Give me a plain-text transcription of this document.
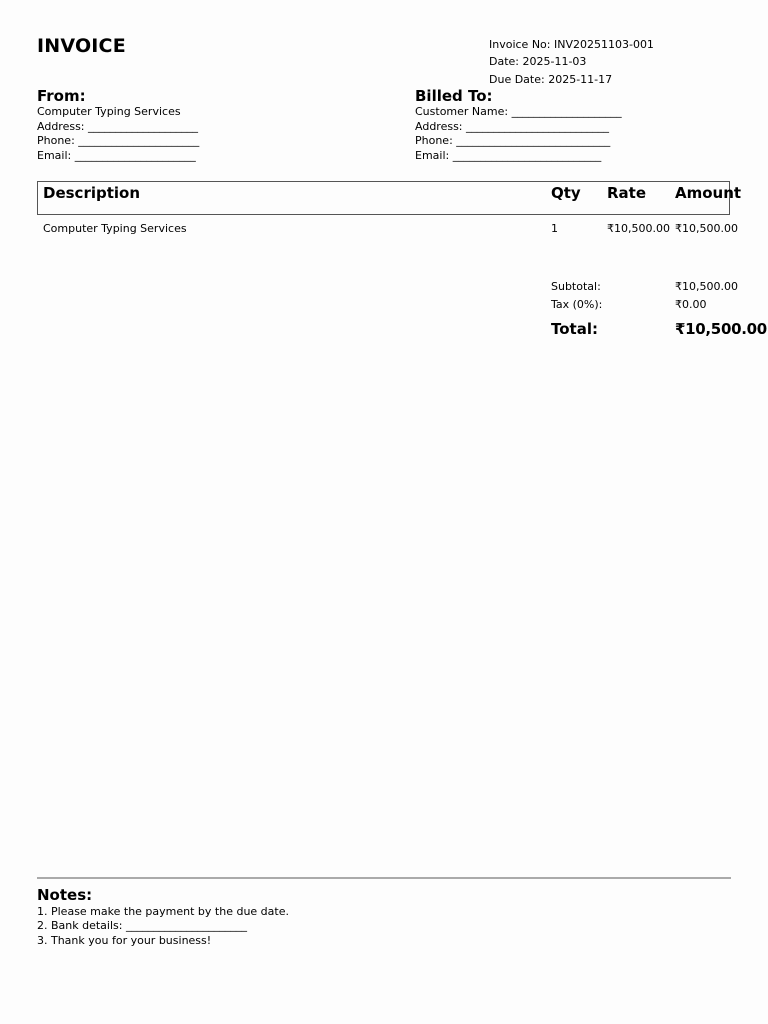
INVOICE	Invoice No: INV20251103-001
Date: 2025-11-03
Due Date: 2025-11-17
From:
Computer Typing Services
Address: ____________________
Phone: ______________________
Email: ______________________
Billed To:
Customer Name: ____________________
Address: __________________________
Phone: ____________________________
Email: ___________________________
Description	Qty Rate Amount
Computer Typing Services	1	₹10,500.00 ₹10,500.00
Subtotal:	₹10,500.00
Tax (0%):	₹0.00
Total:	₹10,500.00
Notes:
1. Please make the payment by the due date.
2. Bank details: ______________________
3. Thank you for your business!
